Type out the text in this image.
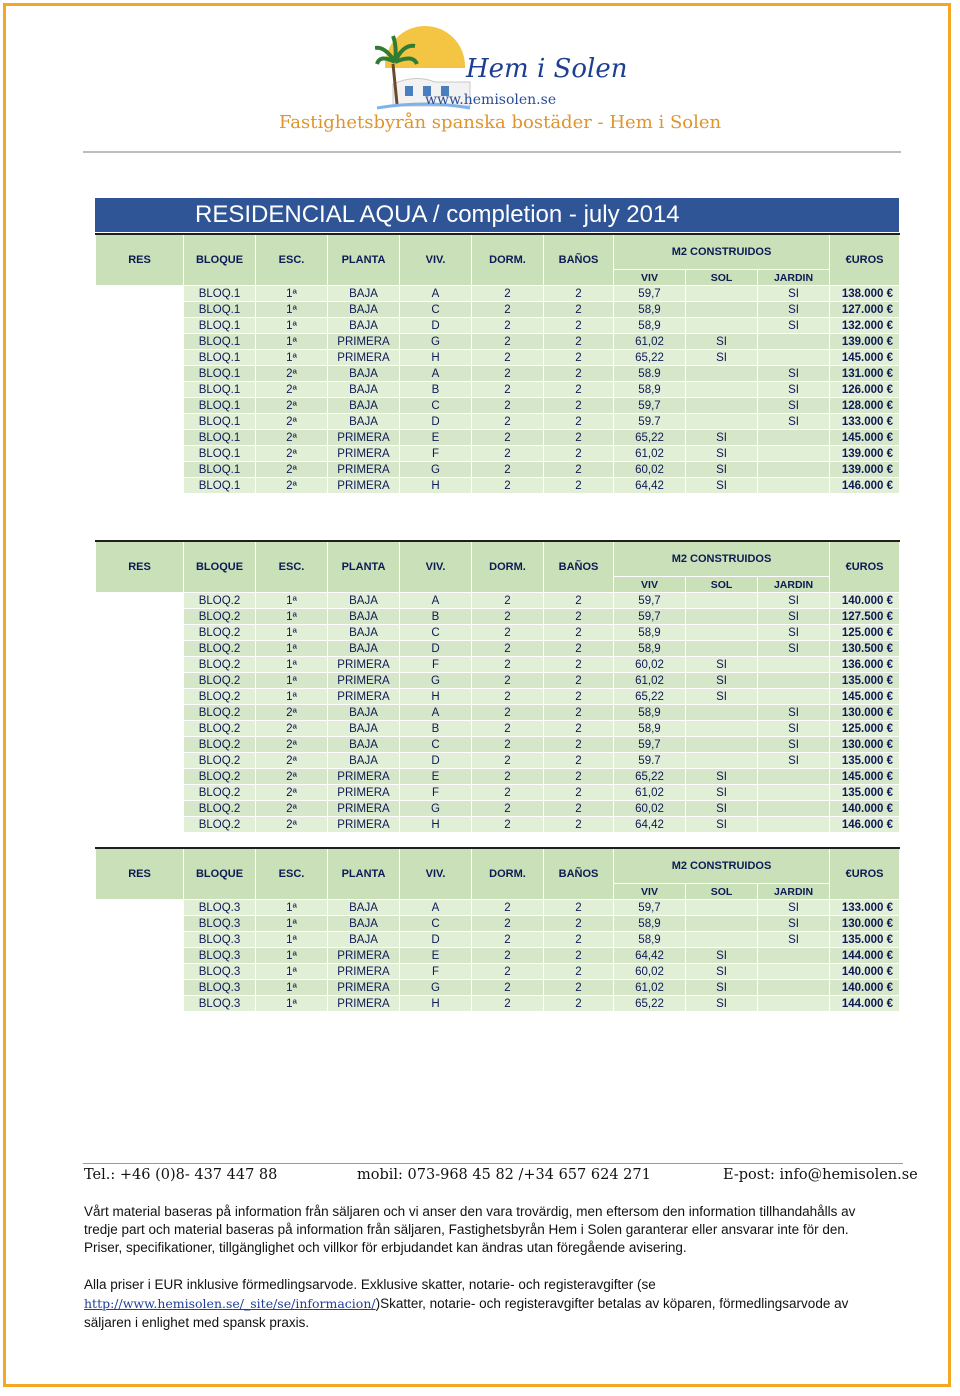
Hem i Solen
www.hemisolen.se
Fastighetsbyrån spanska bostäder - Hem i Solen
RESIDENCIAL AQUA / completion - july 2014
RES	BLOQUE	ESC.	PLANTA	VIV.	DORM.	BAÑOS	M2 CONSTRUIDOS			€UROS
							VIV	SOL	JARDIN	
	BLOQ.1	1ª	BAJA	A	2	2	59,7		SI	138.000 €
	BLOQ.1	1ª	BAJA	C	2	2	58,9		SI	127.000 €
	BLOQ.1	1ª	BAJA	D	2	2	58,9		SI	132.000 €
	BLOQ.1	1ª	PRIMERA	G	2	2	61,02	SI		139.000 €
	BLOQ.1	1ª	PRIMERA	H	2	2	65,22	SI		145.000 €
	BLOQ.1	2ª	BAJA	A	2	2	58.9		SI	131.000 €
	BLOQ.1	2ª	BAJA	B	2	2	58,9		SI	126.000 €
	BLOQ.1	2ª	BAJA	C	2	2	59,7		SI	128.000 €
	BLOQ.1	2ª	BAJA	D	2	2	59.7		SI	133.000 €
	BLOQ.1	2ª	PRIMERA	E	2	2	65,22	SI		145.000 €
	BLOQ.1	2ª	PRIMERA	F	2	2	61,02	SI		139.000 €
	BLOQ.1	2ª	PRIMERA	G	2	2	60,02	SI		139.000 €
	BLOQ.1	2ª	PRIMERA	H	2	2	64,42	SI		146.000 €
RES	BLOQUE	ESC.	PLANTA	VIV.	DORM.	BAÑOS	M2 CONSTRUIDOS			€UROS
							VIV	SOL	JARDIN	
	BLOQ.2	1ª	BAJA	A	2	2	59,7		SI	140.000 €
	BLOQ.2	1ª	BAJA	B	2	2	59,7		SI	127.500 €
	BLOQ.2	1ª	BAJA	C	2	2	58,9		SI	125.000 €
	BLOQ.2	1ª	BAJA	D	2	2	58,9		SI	130.500 €
	BLOQ.2	1ª	PRIMERA	F	2	2	60,02	SI		136.000 €
	BLOQ.2	1ª	PRIMERA	G	2	2	61,02	SI		135.000 €
	BLOQ.2	1ª	PRIMERA	H	2	2	65,22	SI		145.000 €
	BLOQ.2	2ª	BAJA	A	2	2	58,9		SI	130.000 €
	BLOQ.2	2ª	BAJA	B	2	2	58,9		SI	125.000 €
	BLOQ.2	2ª	BAJA	C	2	2	59,7		SI	130.000 €
	BLOQ.2	2ª	BAJA	D	2	2	59.7		SI	135.000 €
	BLOQ.2	2ª	PRIMERA	E	2	2	65,22	SI		145.000 €
	BLOQ.2	2ª	PRIMERA	F	2	2	61,02	SI		135.000 €
	BLOQ.2	2ª	PRIMERA	G	2	2	60,02	SI		140.000 €
	BLOQ.2	2ª	PRIMERA	H	2	2	64,42	SI		146.000 €
RES	BLOQUE	ESC.	PLANTA	VIV.	DORM.	BAÑOS	M2 CONSTRUIDOS			€UROS
							VIV	SOL	JARDIN	
	BLOQ.3	1ª	BAJA	A	2	2	59,7		SI	133.000 €
	BLOQ.3	1ª	BAJA	C	2	2	58,9		SI	130.000 €
	BLOQ.3	1ª	BAJA	D	2	2	58,9		SI	135.000 €
	BLOQ.3	1ª	PRIMERA	E	2	2	64,42	SI		144.000 €
	BLOQ.3	1ª	PRIMERA	F	2	2	60,02	SI		140.000 €
	BLOQ.3	1ª	PRIMERA	G	2	2	61,02	SI		140.000 €
	BLOQ.3	1ª	PRIMERA	H	2	2	65,22	SI		144.000 €
Tel.: +46 (0)8- 437 447 88	mobil: 073-968 45 82 /+34 657 624 271	E-post: info@hemisolen.se
Vårt material baseras på information från säljaren och vi anser den vara trovärdig, men eftersom den information tillhandahålls av
tredje part och material baseras på information från säljaren, Fastighetsbyrån Hem i Solen garanterar eller ansvarar inte för den.
Priser, specifikationer, tillgänglighet och villkor för erbjudandet kan ändras utan föregående avisering.
Alla priser i EUR inklusive förmedlingsarvode. Exklusive skatter, notarie- och registeravgifter (se
http://www.hemisolen.se/_site/se/informacion/)Skatter, notarie- och registeravgifter betalas av köparen, förmedlingsarvode av
säljaren i enlighet med spansk praxis.
